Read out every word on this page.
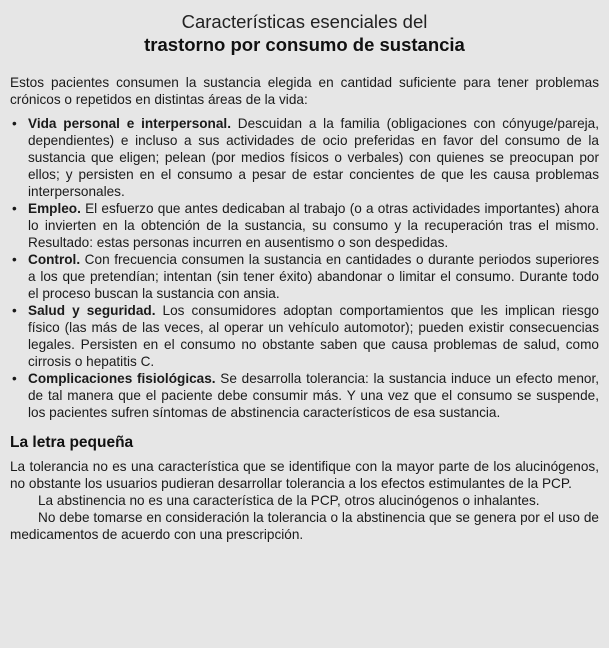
Características esenciales del
trastorno por consumo de sustancia

Estos pacientes consumen la sustancia elegida en cantidad suficiente para tener problemas crónicos o repetidos en distintas áreas de la vida:

• Vida personal e interpersonal. Descuidan a la familia (obligaciones con cónyuge/pareja, dependientes) e incluso a sus actividades de ocio preferidas en favor del consumo de la sustancia que eligen; pelean (por medios físicos o verbales) con quienes se preocupan por ellos; y persisten en el consumo a pesar de estar concientes de que les causa problemas interpersonales.
• Empleo. El esfuerzo que antes dedicaban al trabajo (o a otras actividades importantes) ahora lo invierten en la obtención de la sustancia, su consumo y la recuperación tras el mismo. Resultado: estas personas incurren en ausentismo o son despedidas.
• Control. Con frecuencia consumen la sustancia en cantidades o durante periodos superiores a los que pretendían; intentan (sin tener éxito) abandonar o limitar el consumo. Durante todo el proceso buscan la sustancia con ansia.
• Salud y seguridad. Los consumidores adoptan comportamientos que les implican riesgo físico (las más de las veces, al operar un vehículo automotor); pueden existir consecuencias legales. Persisten en el consumo no obstante saben que causa problemas de salud, como cirrosis o hepatitis C.
• Complicaciones fisiológicas. Se desarrolla tolerancia: la sustancia induce un efecto menor, de tal manera que el paciente debe consumir más. Y una vez que el consumo se suspende, los pacientes sufren síntomas de abstinencia característicos de esa sustancia.
La letra pequeña

La tolerancia no es una característica que se identifique con la mayor parte de los alucinógenos, no obstante los usuarios pudieran desarrollar tolerancia a los efectos estimulantes de la PCP.

La abstinencia no es una característica de la PCP, otros alucinógenos o inhalantes.

No debe tomarse en consideración la tolerancia o la abstinencia que se genera por el uso de medicamentos de acuerdo con una prescripción.
